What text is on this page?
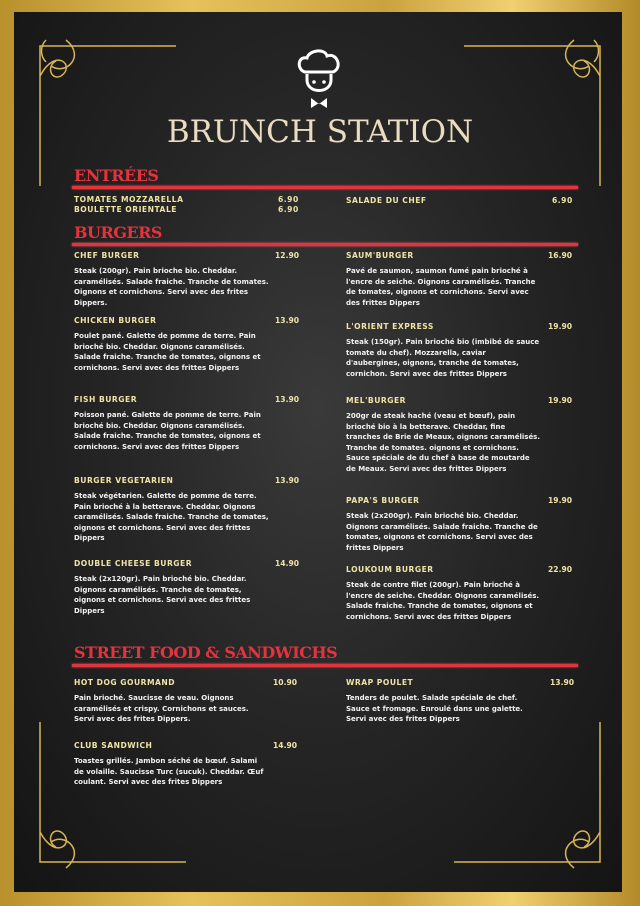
BRUNCH STATION
ENTRÉES
TOMATES MOZZARELLA	6.90
BOULETTE ORIENTALE	6.90
SALADE DU CHEF	6.90
BURGERS
STREET FOOD & SANDWICHS
CHEF BURGER	12.90
Steak (200gr). Pain brioche bio. Cheddar. caramélisés. Salade fraiche. Tranche de tomates. Oignons et cornichons. Servi avec des frites Dippers.
CHICKEN BURGER	13.90
Poulet pané. Galette de pomme de terre. Pain brioché bio. Cheddar. Oignons caramélisés. Salade fraiche. Tranche de tomates, oignons et cornichons. Servi avec des frittes Dippers
FISH BURGER	13.90
Poisson pané. Galette de pomme de terre. Pain brioché bio. Cheddar. Oignons caramélisés. Salade fraiche. Tranche de tomates, oignons et cornichons. Servi avec des frittes Dippers
BURGER VEGETARIEN	13.90
Steak végétarien. Galette de pomme de terre. Pain brioché à la betterave. Cheddar. Oignons caramélisés. Salade fraiche. Tranche de tomates, oignons et cornichons. Servi avec des frittes Dippers
DOUBLE CHEESE BURGER	14.90
Steak (2x120gr). Pain brioché bio. Cheddar. Oignons caramélisés. Tranche de tomates, oignons et cornichons. Servi avec des frittes Dippers
SAUM'BURGER	16.90
Pavé de saumon, saumon fumé pain brioché à l'encre de seiche. Oignons caramélisés. Tranche de tomates, oignons et cornichons. Servi avec des frittes Dippers
L'ORIENT EXPRESS	19.90
Steak (150gr). Pain brioché bio (imbibé de sauce tomate du chef). Mozzarella, caviar d'aubergines, oignons, tranche de tomates, cornichon. Servi avec des frittes Dippers
MEL'BURGER	19.90
200gr de steak haché (veau et bœuf), pain brioché bio à la betterave. Cheddar, fine tranches de Brie de Meaux, oignons caramélisés. Tranche de tomates. oignons et cornichons. Sauce spéciale de du chef à base de moutarde de Meaux. Servi avec des frittes Dippers
PAPA'S BURGER	19.90
Steak (2x200gr). Pain brioché bio. Cheddar. Oignons caramélisés. Salade fraiche. Tranche de tomates, oignons et cornichons. Servi avec des frittes Dippers
LOUKOUM BURGER	22.90
Steak de contre filet (200gr). Pain brioché à l'encre de seiche. Cheddar. Oignons caramélisés. Salade fraiche. Tranche de tomates, oignons et cornichons. Servi avec des frittes Dippers
HOT DOG GOURMAND	10.90
Pain brioché. Saucisse de veau. Oignons caramélisés et crispy. Cornichons et sauces. Servi avec des frites Dippers.
CLUB SANDWICH	14.90
Toastes grillés. Jambon séché de bœuf. Salami de volaille. Saucisse Turc (sucuk). Cheddar. Œuf coulant. Servi avec des frites Dippers
WRAP POULET	13.90
Tenders de poulet. Salade spéciale de chef. Sauce et fromage. Enroulé dans une galette. Servi avec des frites Dippers
